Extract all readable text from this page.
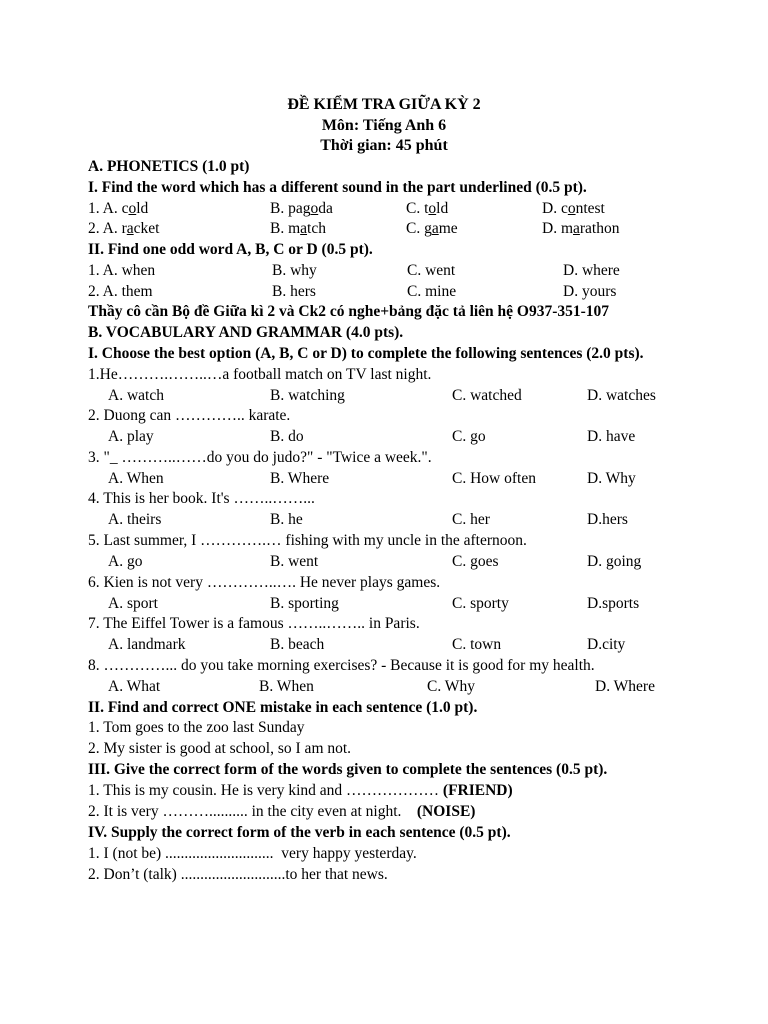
ĐỀ KIỂM TRA GIỮA KỲ 2
Môn: Tiếng Anh 6
Thời gian: 45 phút
A. PHONETICS (1.0 pt)
I. Find the word which has a different sound in the part underlined (0.5 pt).
1. A. cold	B. pagoda	C. told	D. contest
2. A. racket	B. match	C. game	D. marathon
II. Find one odd word A, B, C or D (0.5 pt).
1. A. when	B. why	C. went	D. where
2. A. them	B. hers	C. mine	D. yours
Thầy cô cần Bộ đề Giữa kì 2 và Ck2 có nghe+bảng đặc tả liên hệ O937-351-107
B. VOCABULARY AND GRAMMAR (4.0 pts).
I. Choose the best option (A, B, C or D) to complete the following sentences (2.0 pts).
1.He……….……..…a football match on TV last night.
A. watch	B. watching	C. watched	D. watches
2. Duong can ………….. karate.
A. play	B. do	C. go	D. have
3. "_ ………..……do you do judo?" - "Twice a week.".
A. When	B. Where	C. How often	D. Why
4. This is her book. It's ……..……...
A. theirs	B. he	C. her	D.hers
5. Last summer, I ………….… fishing with my uncle in the afternoon.
A. go	B. went	C. goes	D. going
6. Kien is not very …………..…. He never plays games.
A. sport	B. sporting	C. sporty	D.sports
7. The Eiffel Tower is a famous ……..…….. in Paris.
A. landmark	B. beach	C. town	D.city
8. …………... do you take morning exercises? - Because it is good for my health.
A. What	B. When	C. Why	D. Where
II. Find and correct ONE mistake in each sentence (1.0 pt).
1. Tom goes to the zoo last Sunday
2. My sister is good at school, so I am not.
III. Give the correct form of the words given to complete the sentences (0.5 pt).
1. This is my cousin. He is very kind and ……………… (FRIEND)
2. It is very ……….......... in the city even at night.    (NOISE)
IV. Supply the correct form of the verb in each sentence (0.5 pt).
1. I (not be) ............................  very happy yesterday.
2. Don’t (talk) ...........................to her that news.
